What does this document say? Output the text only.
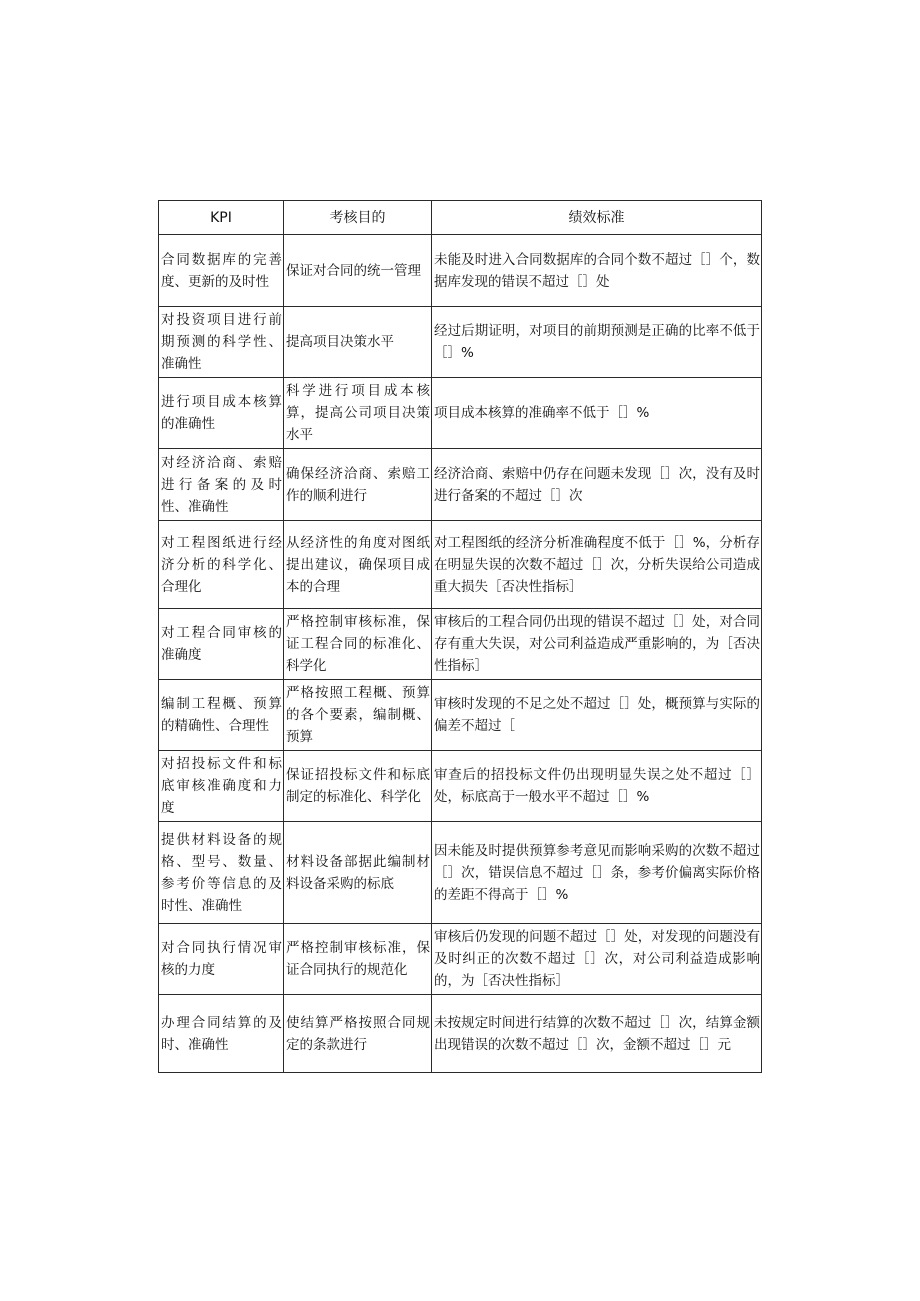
KPI	考核目的	绩效标准
合同数据库的完善度、更新的及时性	保证对合同的统一管理	未能及时进入合同数据库的合同个数不超过［］个，数据库发现的错误不超过［］处
对投资项目进行前期预测的科学性、准确性	提高项目决策水平	经过后期证明，对项目的前期预测是正确的比率不低于［］%
进行项目成本核算的准确性	科学进行项目成本核算，提高公司项目决策水平	项目成本核算的准确率不低于［］%
对经济洽商、索赔进行备案的及时性、准确性	确保经济洽商、索赔工作的顺利进行	经济洽商、索赔中仍存在问题未发现［］次，没有及时进行备案的不超过［］次
对工程图纸进行经济分析的科学化、合理化	从经济性的角度对图纸提出建议，确保项目成本的合理	对工程图纸的经济分析准确程度不低于［］%，分析存在明显失误的次数不超过［］次，分析失误给公司造成重大损失［否决性指标］
对工程合同审核的准确度	严格控制审核标准，保证工程合同的标准化、科学化	审核后的工程合同仍出现的错误不超过［］处，对合同存有重大失误，对公司利益造成严重影响的，为［否决性指标］
编制工程概、预算的精确性、合理性	严格按照工程概、预算的各个要素，编制概、预算	审核时发现的不足之处不超过［］处，概预算与实际的偏差不超过［
对招投标文件和标底审核准确度和力度	保证招投标文件和标底制定的标准化、科学化	审查后的招投标文件仍出现明显失误之处不超过［］处，标底高于一般水平不超过［］%
提供材料设备的规格、型号、数量、参考价等信息的及时性、准确性	材料设备部据此编制材料设备采购的标底	因未能及时提供预算参考意见而影响采购的次数不超过［］次，错误信息不超过［］条，参考价偏离实际价格的差距不得高于［］%
对合同执行情况审核的力度	严格控制审核标准，保证合同执行的规范化	审核后仍发现的问题不超过［］处，对发现的问题没有及时纠正的次数不超过［］次，对公司利益造成影响的，为［否决性指标］
办理合同结算的及时、准确性	使结算严格按照合同规定的条款进行	未按规定时间进行结算的次数不超过［］次，结算金额出现错误的次数不超过［］次，金额不超过［］元
